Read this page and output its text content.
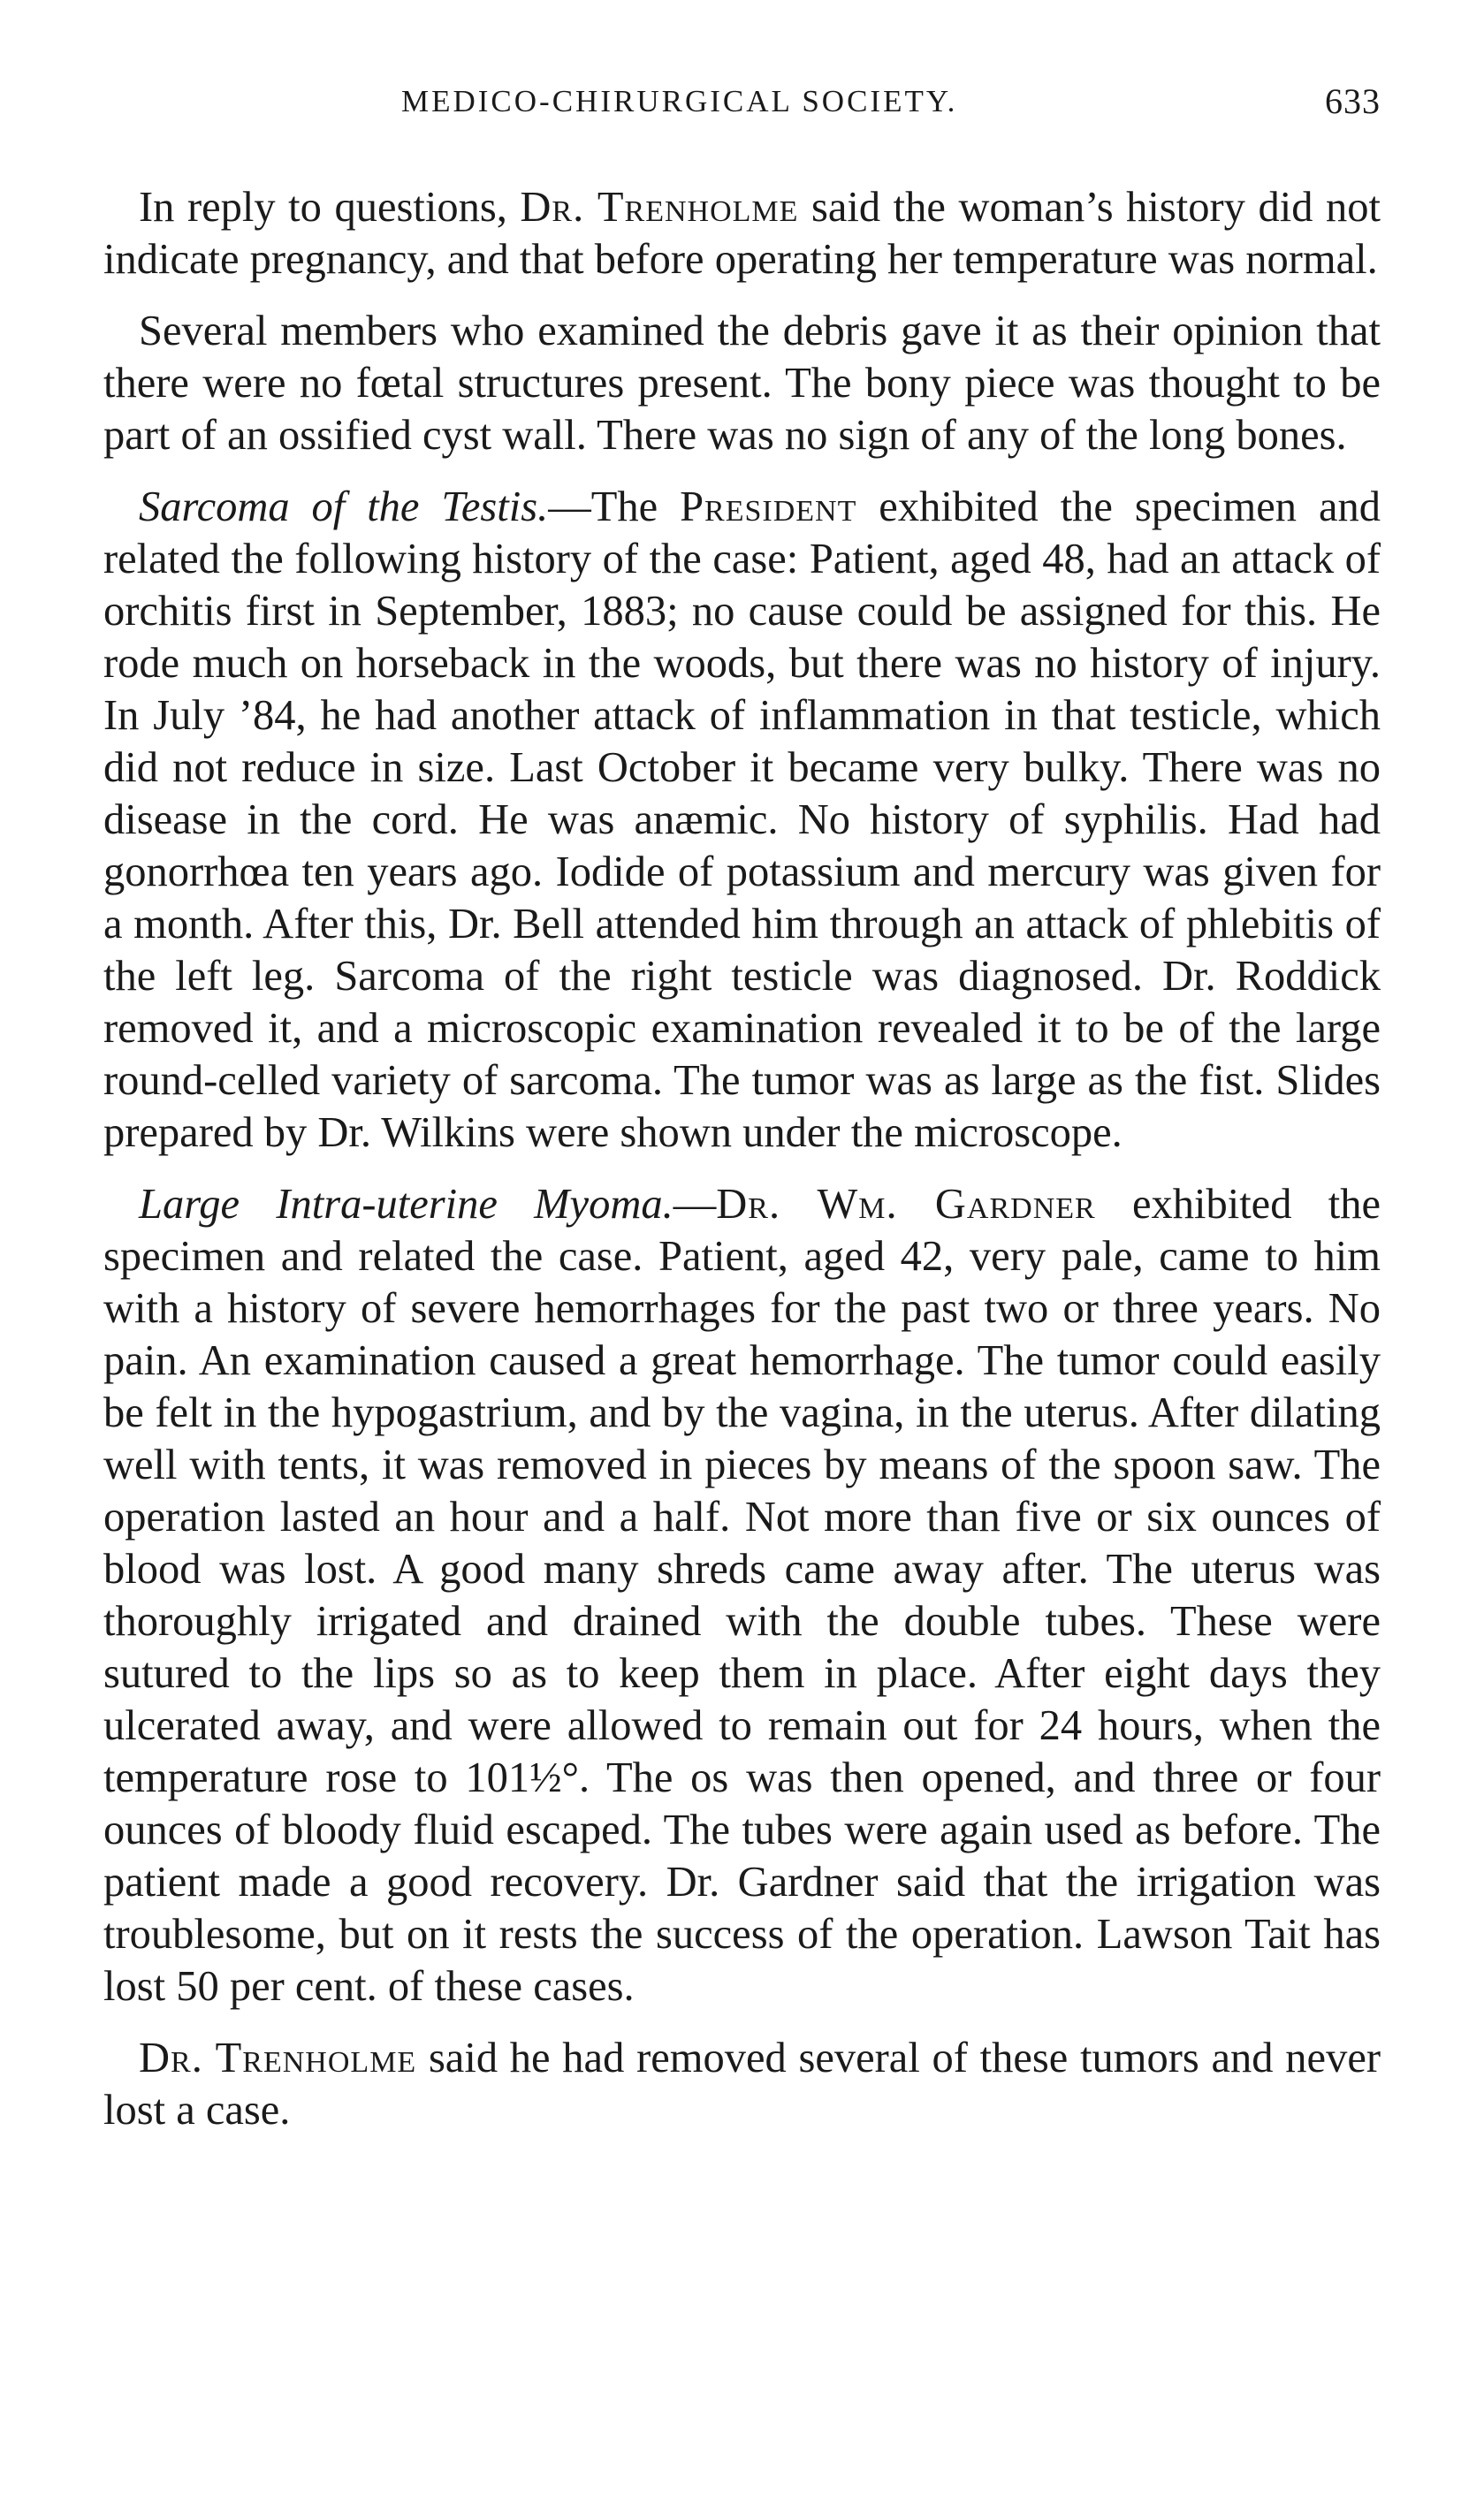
MEDICO-CHIRURGICAL SOCIETY.	633

In reply to questions, Dr. Trenholme said the woman’s history did not indicate pregnancy, and that before operating her temperature was normal.

Several members who examined the debris gave it as their opinion that there were no fœtal structures present. The bony piece was thought to be part of an ossified cyst wall. There was no sign of any of the long bones.

Sarcoma of the Testis.—The President exhibited the specimen and related the following history of the case: Patient, aged 48, had an attack of orchitis first in September, 1883; no cause could be assigned for this. He rode much on horseback in the woods, but there was no history of injury. In July ’84, he had another attack of inflammation in that testicle, which did not reduce in size. Last October it became very bulky. There was no disease in the cord. He was anæmic. No history of syphilis. Had had gonorrhœa ten years ago. Iodide of potassium and mercury was given for a month. After this, Dr. Bell attended him through an attack of phlebitis of the left leg. Sarcoma of the right testicle was diagnosed. Dr. Roddick removed it, and a microscopic examination revealed it to be of the large round-celled variety of sarcoma. The tumor was as large as the fist. Slides prepared by Dr. Wilkins were shown under the microscope.

Large Intra-uterine Myoma.—Dr. Wm. Gardner exhibited the specimen and related the case. Patient, aged 42, very pale, came to him with a history of severe hemorrhages for the past two or three years. No pain. An examination caused a great hemorrhage. The tumor could easily be felt in the hypogastrium, and by the vagina, in the uterus. After dilating well with tents, it was removed in pieces by means of the spoon saw. The operation lasted an hour and a half. Not more than five or six ounces of blood was lost. A good many shreds came away after. The uterus was thoroughly irrigated and drained with the double tubes. These were sutured to the lips so as to keep them in place. After eight days they ulcerated away, and were allowed to remain out for 24 hours, when the temperature rose to 101½°. The os was then opened, and three or four ounces of bloody fluid escaped. The tubes were again used as before. The patient made a good recovery. Dr. Gardner said that the irrigation was troublesome, but on it rests the success of the operation. Lawson Tait has lost 50 per cent. of these cases.

Dr. Trenholme said he had removed several of these tumors and never lost a case.
